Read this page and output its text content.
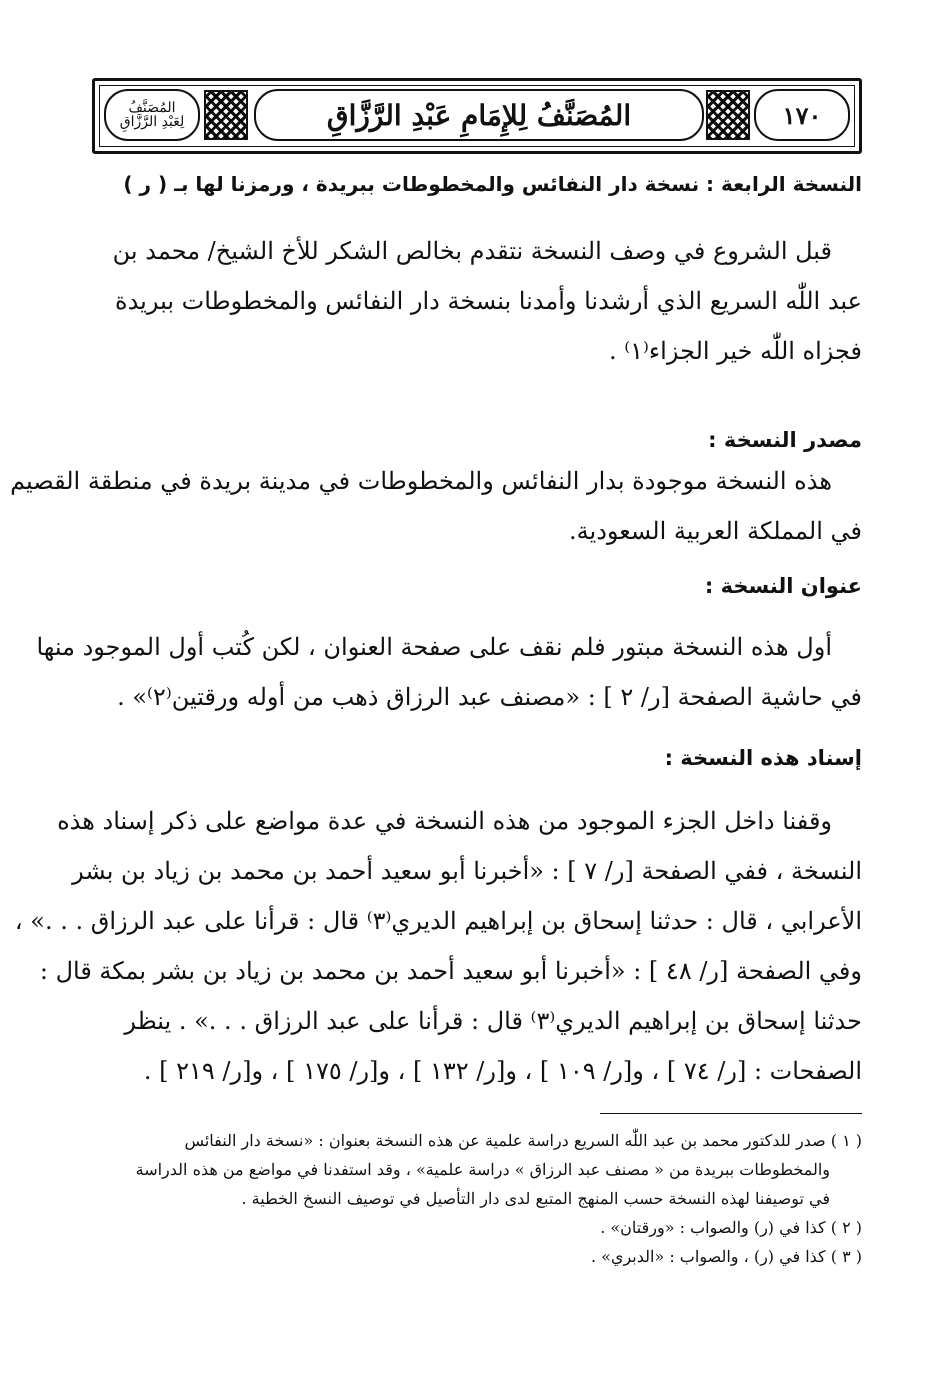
١٧٠
المُصَنَّفُ لِلإِمَامِ عَبْدِ الرَّزَّاقِ
المُصَنَّفُ
لِعَبْدِ الرَّزَّاقِ
النسخة الرابعة : نسخة دار النفائس والمخطوطات ببريدة ، ورمزنا لها بـ ( ر )
قبل الشروع في وصف النسخة نتقدم بخالص الشكر للأخ الشيخ/ محمد بن
عبد اللّٰه السريع الذي أرشدنا وأمدنا بنسخة دار النفائس والمخطوطات ببريدة
فجزاه اللّٰه خير الجزاء⁽١⁾ .
مصدر النسخة :
هذه النسخة موجودة بدار النفائس والمخطوطات في مدينة بريدة في منطقة القصيم
في المملكة العربية السعودية.
عنوان النسخة :
أول هذه النسخة مبتور فلم نقف على صفحة العنوان ، لكن كُتب أول الموجود منها
في حاشية الصفحة [ر/ ٢ ] : «مصنف عبد الرزاق ذهب من أوله ورقتين⁽٢⁾» .
إسناد هذه النسخة :
وقفنا داخل الجزء الموجود من هذه النسخة في عدة مواضع على ذكر إسناد هذه
النسخة ، ففي الصفحة [ر/ ٧ ] : «أخبرنا أبو سعيد أحمد بن محمد بن زياد بن بشر
الأعرابي ، قال : حدثنا إسحاق بن إبراهيم الديري⁽٣⁾ قال : قرأنا على عبد الرزاق . . .» ،
وفي الصفحة [ر/ ٤٨ ] : «أخبرنا أبو سعيد أحمد بن محمد بن زياد بن بشر بمكة قال :
حدثنا إسحاق بن إبراهيم الديري⁽٣⁾ قال : قرأنا على عبد الرزاق . . .» . ينظر
الصفحات : [ر/ ٧٤ ] ، و[ر/ ١٠٩ ] ، و[ر/ ١٣٢ ] ، و[ر/ ١٧٥ ] ، و[ر/ ٢١٩ ] .
( ١ ) صدر للدكتور محمد بن عبد اللّٰه السريع دراسة علمية عن هذه النسخة بعنوان : «نسخة دار النفائس
والمخطوطات ببريدة من « مصنف عبد الرزاق » دراسة علمية» ، وقد استفدنا في مواضع من هذه الدراسة
في توصيفنا لهذه النسخة حسب المنهج المتبع لدى دار التأصيل في توصيف النسخ الخطية .
( ٢ ) كذا في (ر) والصواب : «ورقتان» .
( ٣ ) كذا في (ر) ، والصواب : «الدبري» .
